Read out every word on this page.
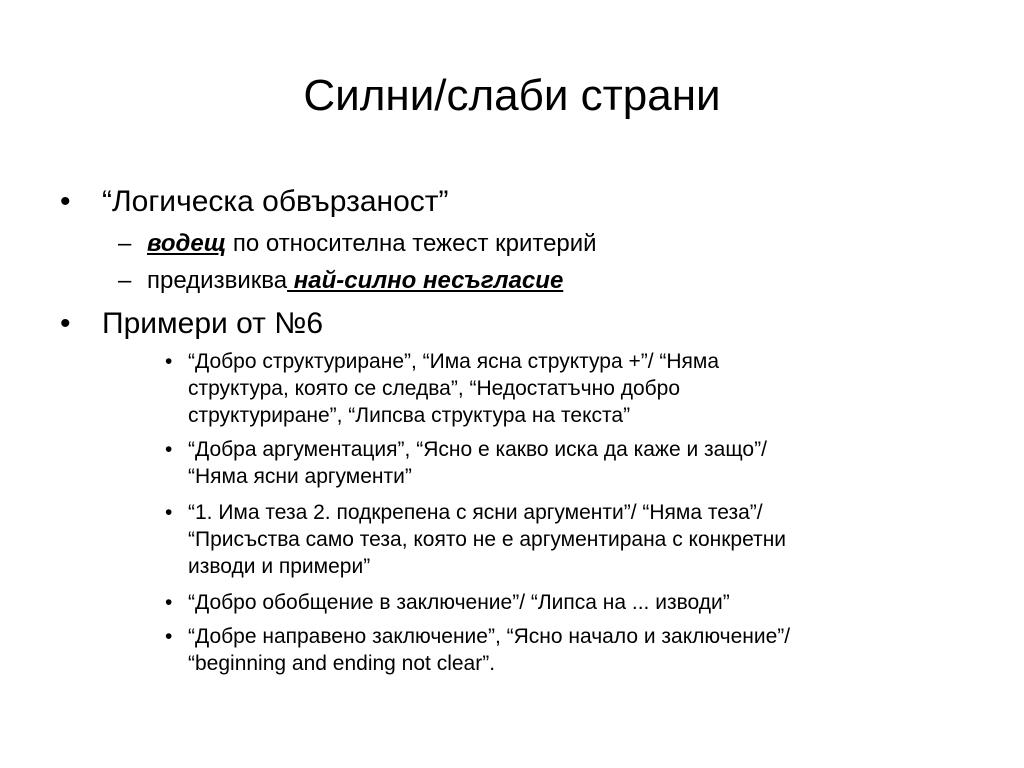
Силни/слаби страни
• “Логическа обвързаност”
– водещ по относителна тежест критерий
– предизвиква най-силно несъгласие
• Примери от №6
• “Добро структуриране”, “Има ясна структура +”/ “Няма
структура, която се следва”, “Недостатъчно добро
структуриране”, “Липсва структура на текста”
• “Добра аргументация”, “Ясно е какво иска да каже и защо”/
“Няма ясни аргументи”
• “1. Има теза 2. подкрепена с ясни аргументи”/ “Няма теза”/
“Присъства само теза, която не е аргументирана с конкретни
изводи и примери”
• “Добро обобщение в заключение”/ “Липса на ... изводи”
• “Добре направено заключение”, “Ясно начало и заключение”/
“beginning and ending not clear”.
